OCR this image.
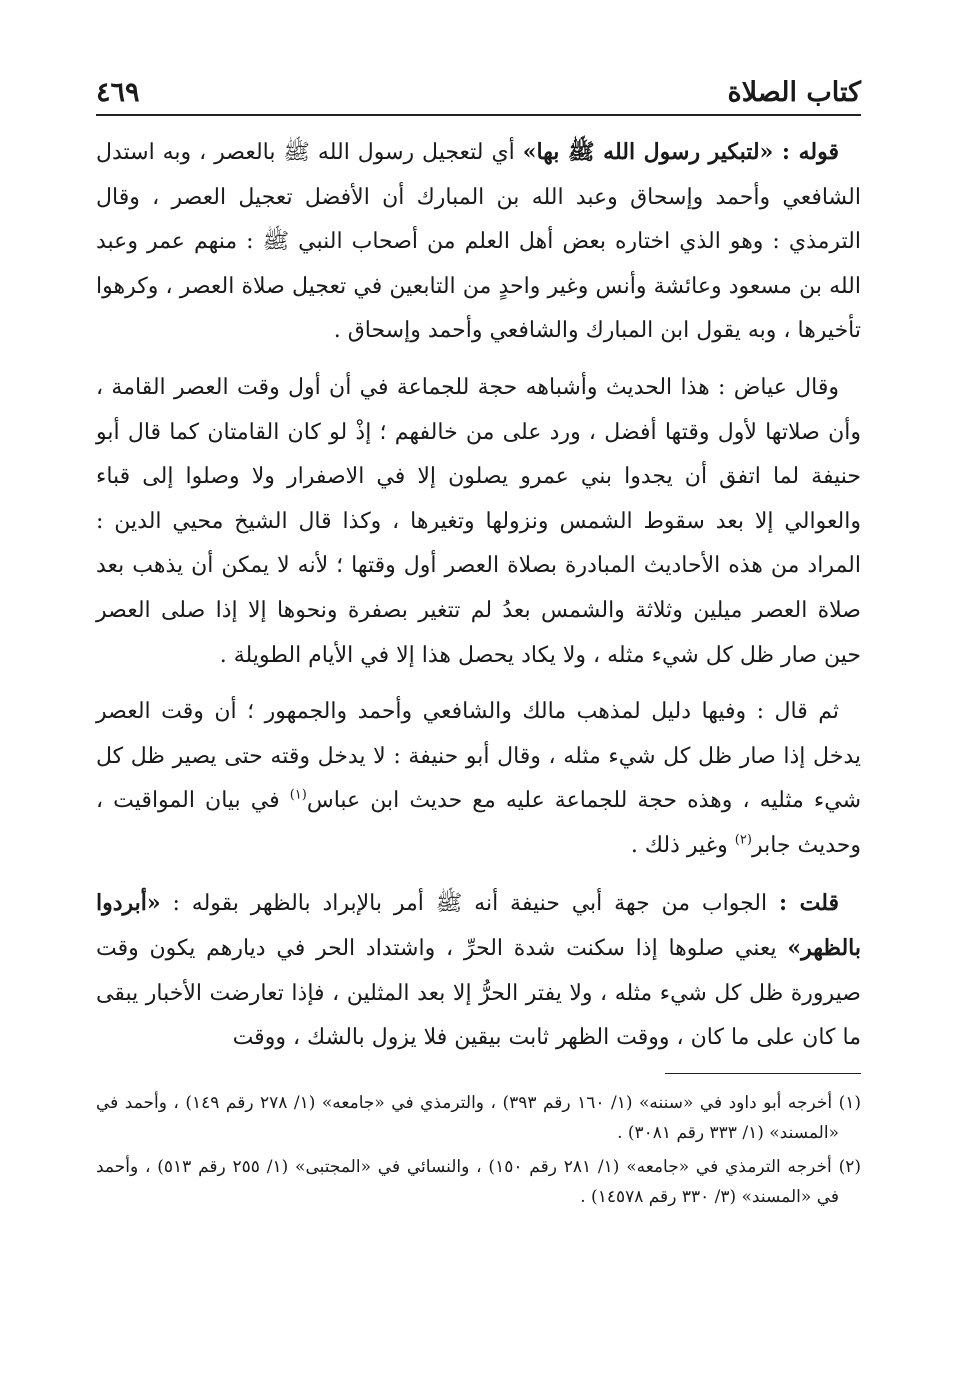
كتاب الصلاة
٤٦٩

قوله : «لتبكير رسول الله ﷺ بها» أي لتعجيل رسول الله ﷺ بالعصر ، وبه استدل الشافعي وأحمد وإسحاق وعبد الله بن المبارك أن الأفضل تعجيل العصر ، وقال الترمذي : وهو الذي اختاره بعض أهل العلم من أصحاب النبي ﷺ : منهم عمر وعبد الله بن مسعود وعائشة وأنس وغير واحدٍ من التابعين في تعجيل صلاة العصر ، وكرهوا تأخيرها ، وبه يقول ابن المبارك والشافعي وأحمد وإسحاق .

وقال عياض : هذا الحديث وأشباهه حجة للجماعة في أن أول وقت العصر القامة ، وأن صلاتها لأول وقتها أفضل ، ورد على من خالفهم ؛ إذْ لو كان القامتان كما قال أبو حنيفة لما اتفق أن يجدوا بني عمرو يصلون إلا في الاصفرار ولا وصلوا إلى قباء والعوالي إلا بعد سقوط الشمس ونزولها وتغيرها ، وكذا قال الشيخ محيي الدين : المراد من هذه الأحاديث المبادرة بصلاة العصر أول وقتها ؛ لأنه لا يمكن أن يذهب بعد صلاة العصر ميلين وثلاثة والشمس بعدُ لم تتغير بصفرة ونحوها إلا إذا صلى العصر حين صار ظل كل شيء مثله ، ولا يكاد يحصل هذا إلا في الأيام الطويلة .

ثم قال : وفيها دليل لمذهب مالك والشافعي وأحمد والجمهور ؛ أن وقت العصر يدخل إذا صار ظل كل شيء مثله ، وقال أبو حنيفة : لا يدخل وقته حتى يصير ظل كل شيء مثليه ، وهذه حجة للجماعة عليه مع حديث ابن عباس$^{(١)}$ في بيان المواقيت ، وحديث جابر$^{(٢)}$ وغير ذلك .

قلت : الجواب من جهة أبي حنيفة أنه ﷺ أمر بالإبراد بالظهر بقوله : «أبردوا بالظهر» يعني صلوها إذا سكنت شدة الحرِّ ، واشتداد الحر في ديارهم يكون وقت صيرورة ظل كل شيء مثله ، ولا يفتر الحرُّ إلا بعد المثلين ، فإذا تعارضت الأخبار يبقى ما كان على ما كان ، ووقت الظهر ثابت بيقين فلا يزول بالشك ، ووقت

(١) أخرجه أبو داود في «سننه» (١/ ١٦٠ رقم ٣٩٣) ، والترمذي في «جامعه» (١/ ٢٧٨ رقم ١٤٩) ، وأحمد في «المسند» (١/ ٣٣٣ رقم ٣٠٨١) .

(٢) أخرجه الترمذي في «جامعه» (١/ ٢٨١ رقم ١٥٠) ، والنسائي في «المجتبى» (١/ ٢٥٥ رقم ٥١٣) ، وأحمد في «المسند» (٣/ ٣٣٠ رقم ١٤٥٧٨) .
